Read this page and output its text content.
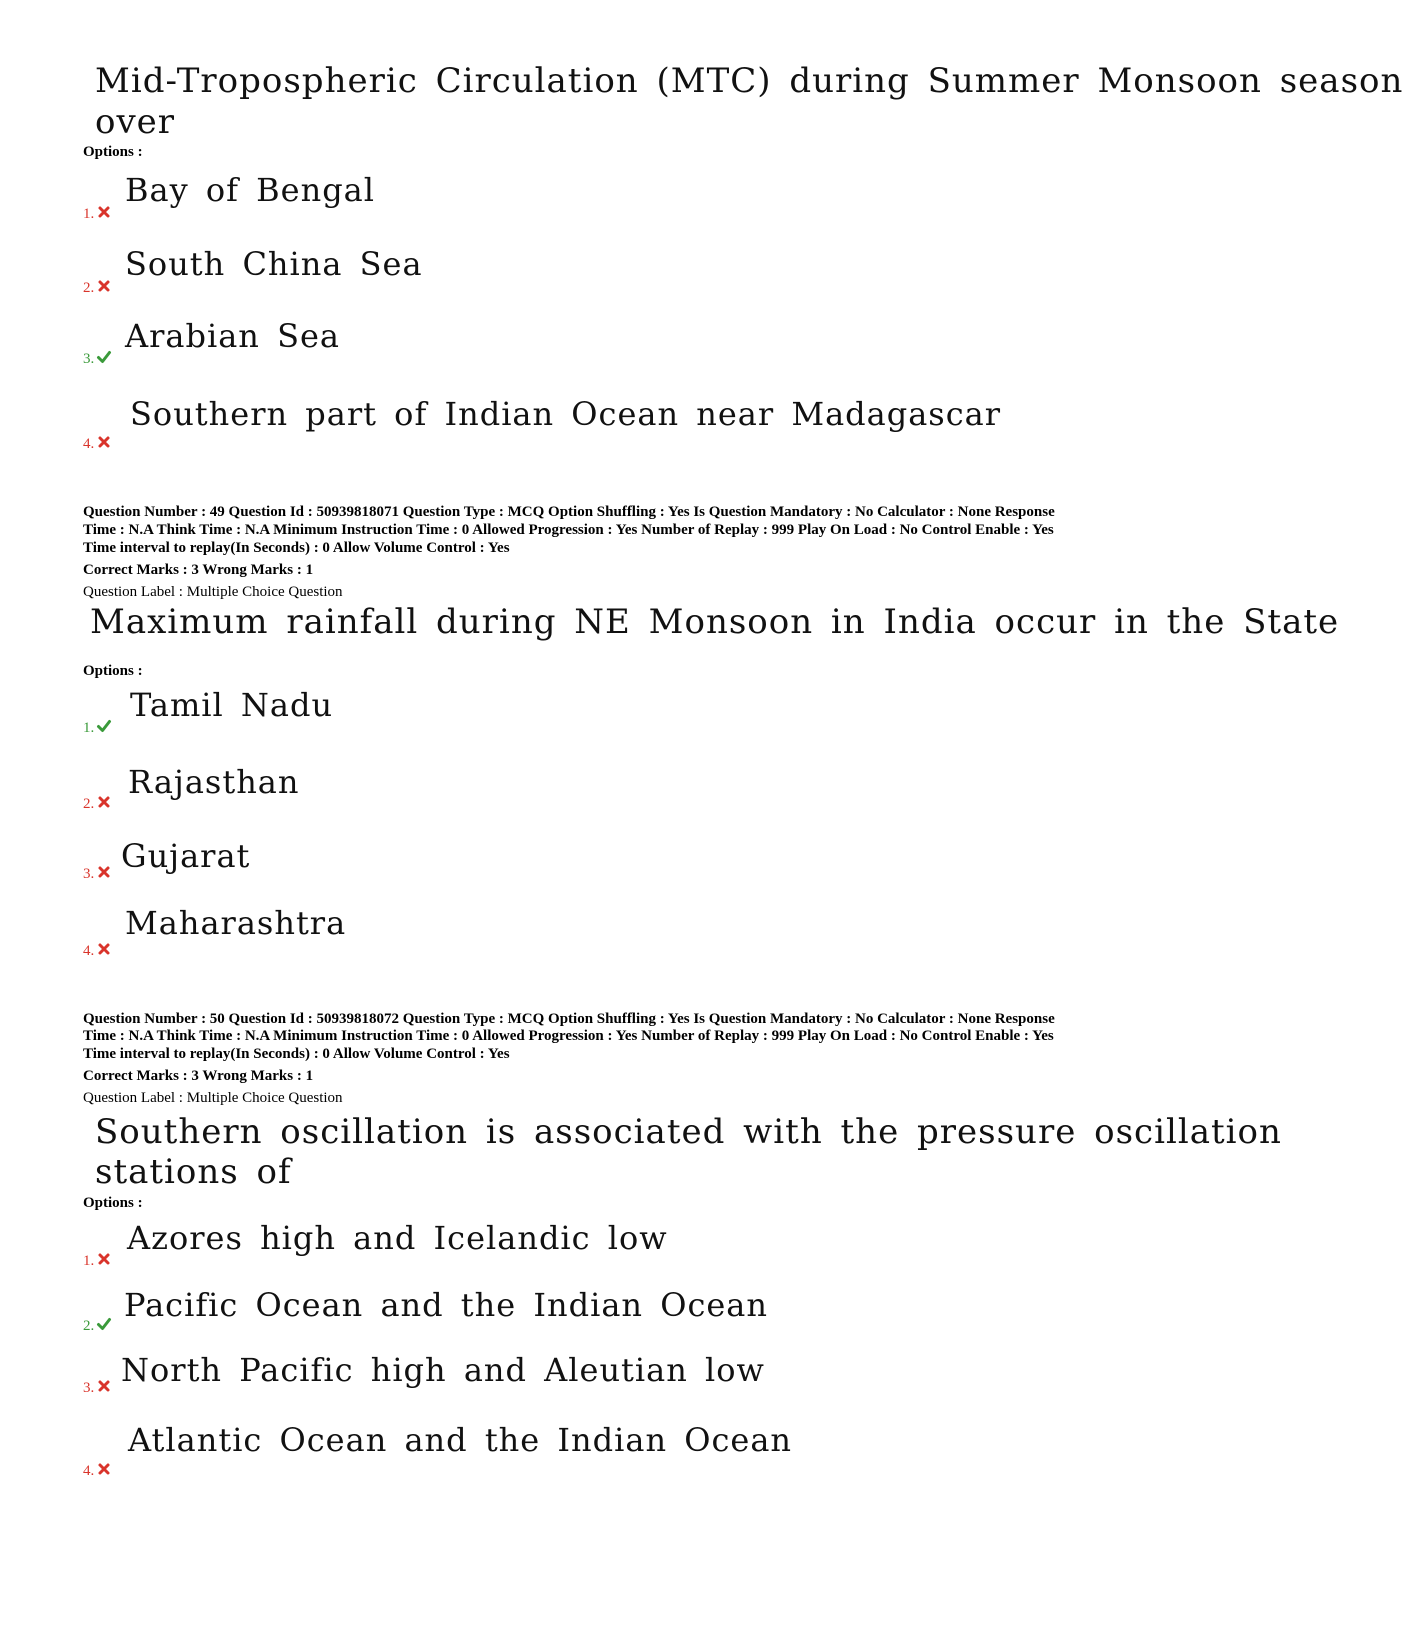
Mid-Tropospheric Circulation (MTC) during Summer Monsoon season
over
Options :
Bay of Bengal
1.
South China Sea
2.
Arabian Sea
3.
Southern part of Indian Ocean near Madagascar
4.
Question Number : 49 Question Id : 50939818071 Question Type : MCQ Option Shuffling : Yes Is Question Mandatory : No Calculator : None Response
Time : N.A Think Time : N.A Minimum Instruction Time : 0 Allowed Progression : Yes Number of Replay : 999 Play On Load : No Control Enable : Yes
Time interval to replay(In Seconds) : 0 Allow Volume Control : Yes
Correct Marks : 3 Wrong Marks : 1
Question Label : Multiple Choice Question
Maximum rainfall during NE Monsoon in India occur in the State
Options :
Tamil Nadu
1.
Rajasthan
2.
Gujarat
3.
Maharashtra
4.
Question Number : 50 Question Id : 50939818072 Question Type : MCQ Option Shuffling : Yes Is Question Mandatory : No Calculator : None Response
Time : N.A Think Time : N.A Minimum Instruction Time : 0 Allowed Progression : Yes Number of Replay : 999 Play On Load : No Control Enable : Yes
Time interval to replay(In Seconds) : 0 Allow Volume Control : Yes
Correct Marks : 3 Wrong Marks : 1
Question Label : Multiple Choice Question
Southern oscillation is associated with the pressure oscillation
stations of
Options :
Azores high and Icelandic low
1.
Pacific Ocean and the Indian Ocean
2.
North Pacific high and Aleutian low
3.
Atlantic Ocean and the Indian Ocean
4.
